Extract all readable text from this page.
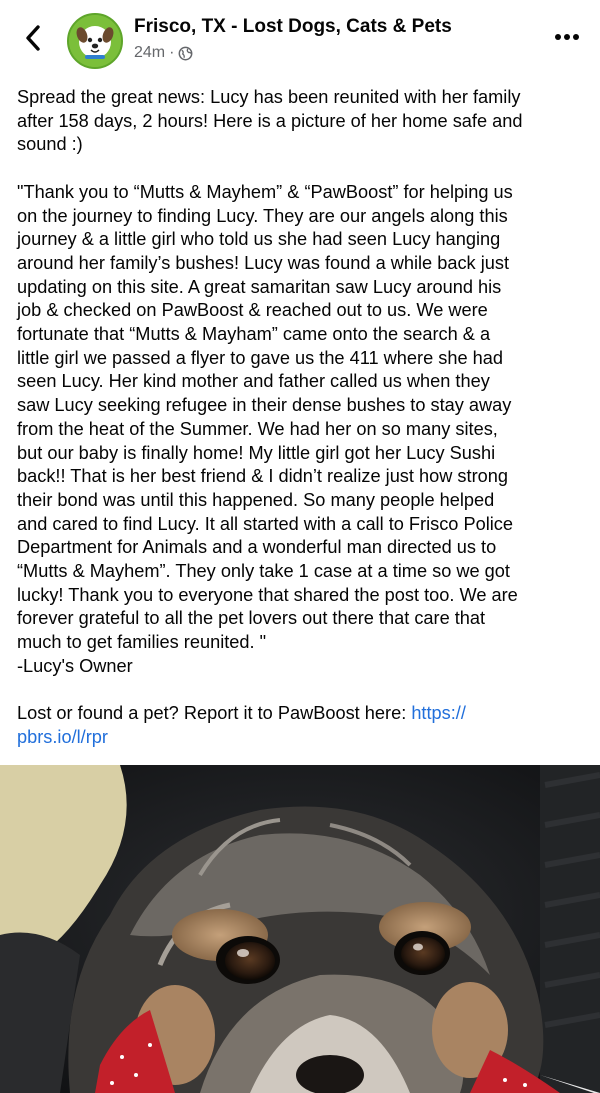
Frisco, TX - Lost Dogs, Cats & Pets
24m ·

Spread the great news: Lucy has been reunited with her family
after 158 days, 2 hours! Here is a picture of her home safe and
sound :)

"Thank you to “Mutts & Mayhem” & “PawBoost” for helping us
on the journey to finding Lucy. They are our angels along this
journey & a little girl who told us she had seen Lucy hanging
around her family’s bushes! Lucy was found a while back just
updating on this site. A great samaritan saw Lucy around his
job & checked on PawBoost & reached out to us. We were
fortunate that “Mutts & Mayham” came onto the search & a
little girl we passed a flyer to gave us the 411 where she had
seen Lucy. Her kind mother and father called us when they
saw Lucy seeking refugee in their dense bushes to stay away
from the heat of the Summer. We had her on so many sites,
but our baby is finally home! My little girl got her Lucy Sushi
back!! That is her best friend & I didn’t realize just how strong
their bond was until this happened. So many people helped
and cared to find Lucy. It all started with a call to Frisco Police
Department for Animals and a wonderful man directed us to
“Mutts & Mayhem”. They only take 1 case at a time so we got
lucky! Thank you to everyone that shared the post too. We are
forever grateful to all the pet lovers out there that care that
much to get families reunited. "
-Lucy's Owner

Lost or found a pet? Report it to PawBoost here: https://
pbrs.io/l/rpr
